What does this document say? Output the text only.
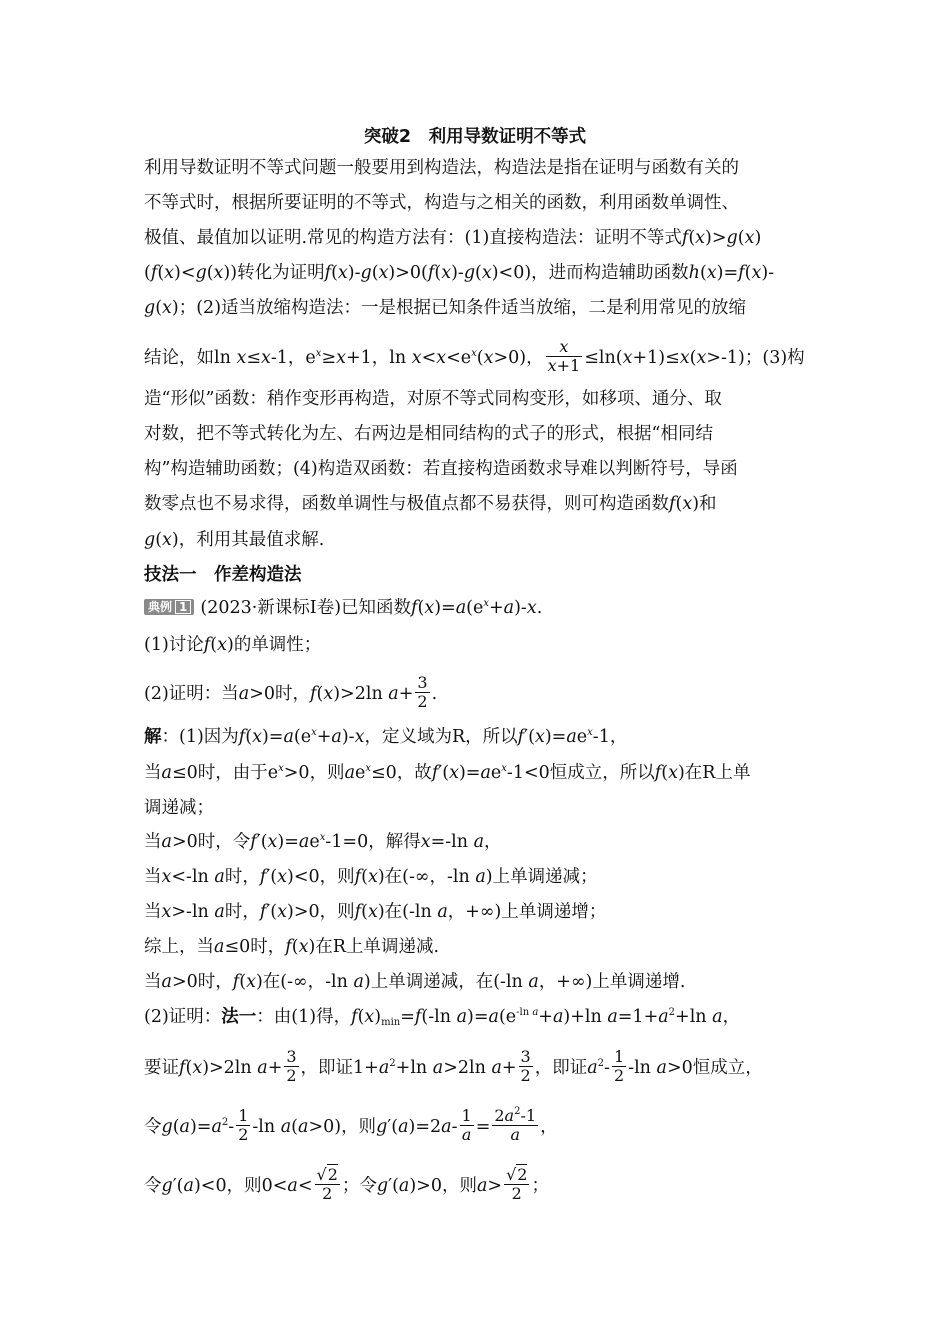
突破2　利用导数证明不等式
利用导数证明不等式问题一般要用到构造法，构造法是指在证明与函数有关的
不等式时，根据所要证明的不等式，构造与之相关的函数，利用函数单调性、
极值、最值加以证明.常见的构造方法有：(1)直接构造法：证明不等式f(x)>g(x)
(f(x)<g(x))转化为证明f(x)-g(x)>0(f(x)-g(x)<0)，进而构造辅助函数h(x)=f(x)-
g(x)；(2)适当放缩构造法：一是根据已知条件适当放缩，二是利用常见的放缩
结论，如ln x≤x-1，$e^x\ge x+1$，$\ln x<x<e^x(x>0)$， $\frac{x}{x+1} \le\ln(x+1)\le x(x>-1)$；(3)构
造“形似”函数：稍作变形再构造，对原不等式同构变形，如移项、通分、取
对数，把不等式转化为左、右两边是相同结构的式子的形式，根据“相同结
构”构造辅助函数；(4)构造双函数：若直接构造函数求导难以判断符号，导函
数零点也不易求得，函数单调性与极值点都不易获得，则可构造函数f(x)和
g(x)，利用其最值求解.
技法一　作差构造法
典例 1 (2023·新课标Ⅰ卷)已知函数$f(x)=a(e^x+a)-x$.
(1)讨论f(x)的单调性；
(2)证明：当a>0时，f(x)>2ln $a+ \frac{3}{2}$ .
解：(1)因为$f(x)=a(e^x+a)-x$，定义域为R，所以$f'(x)=ae^x-1$，
当a≤0时，由于$e^x>0$，则$ae^x\le 0$，故$f'(x)=ae^x-1<0$恒成立，所以f(x)在R上单
调递减；
当a>0时，令$f'(x)=ae^x-1=0$，解得x=-ln a，
当x<-ln a时，f′(x)<0，则f(x)在(-∞，-ln a)上单调递减；
当x>-ln a时，f′(x)>0，则f(x)在(-ln a，+∞)上单调递增；
综上，当a≤0时，f(x)在R上单调递减.
当a>0时，f(x)在(-∞，-ln a)上单调递减，在(-ln a，+∞)上单调递增.
(2)证明：法一：由(1)得，$f(x)_{min}=f(-\ln$ $a)=a(e^{-ln a}+a)+\ln$ $a=1+a^2+\ln$ a，
要证f(x)>2ln $a+ \frac{3}{2}$ ，即证$1+a^2+\ln$ a>2ln $a+ \frac{3}{2}$ ，即证$a^2- \frac{1}{2} -\ln$ a>0恒成立，
令$g(a)=a^2- \frac{1}{2} -\ln$ a(a>0)，则$g'(a)=2a- \frac{1}{a} = \frac{2a^2-1}{a}$ ，
令g′(a)<0，则$0<a< \frac{√2}{2}$ ；令g′(a)>0，则$a> \frac{√2}{2}$ ；
